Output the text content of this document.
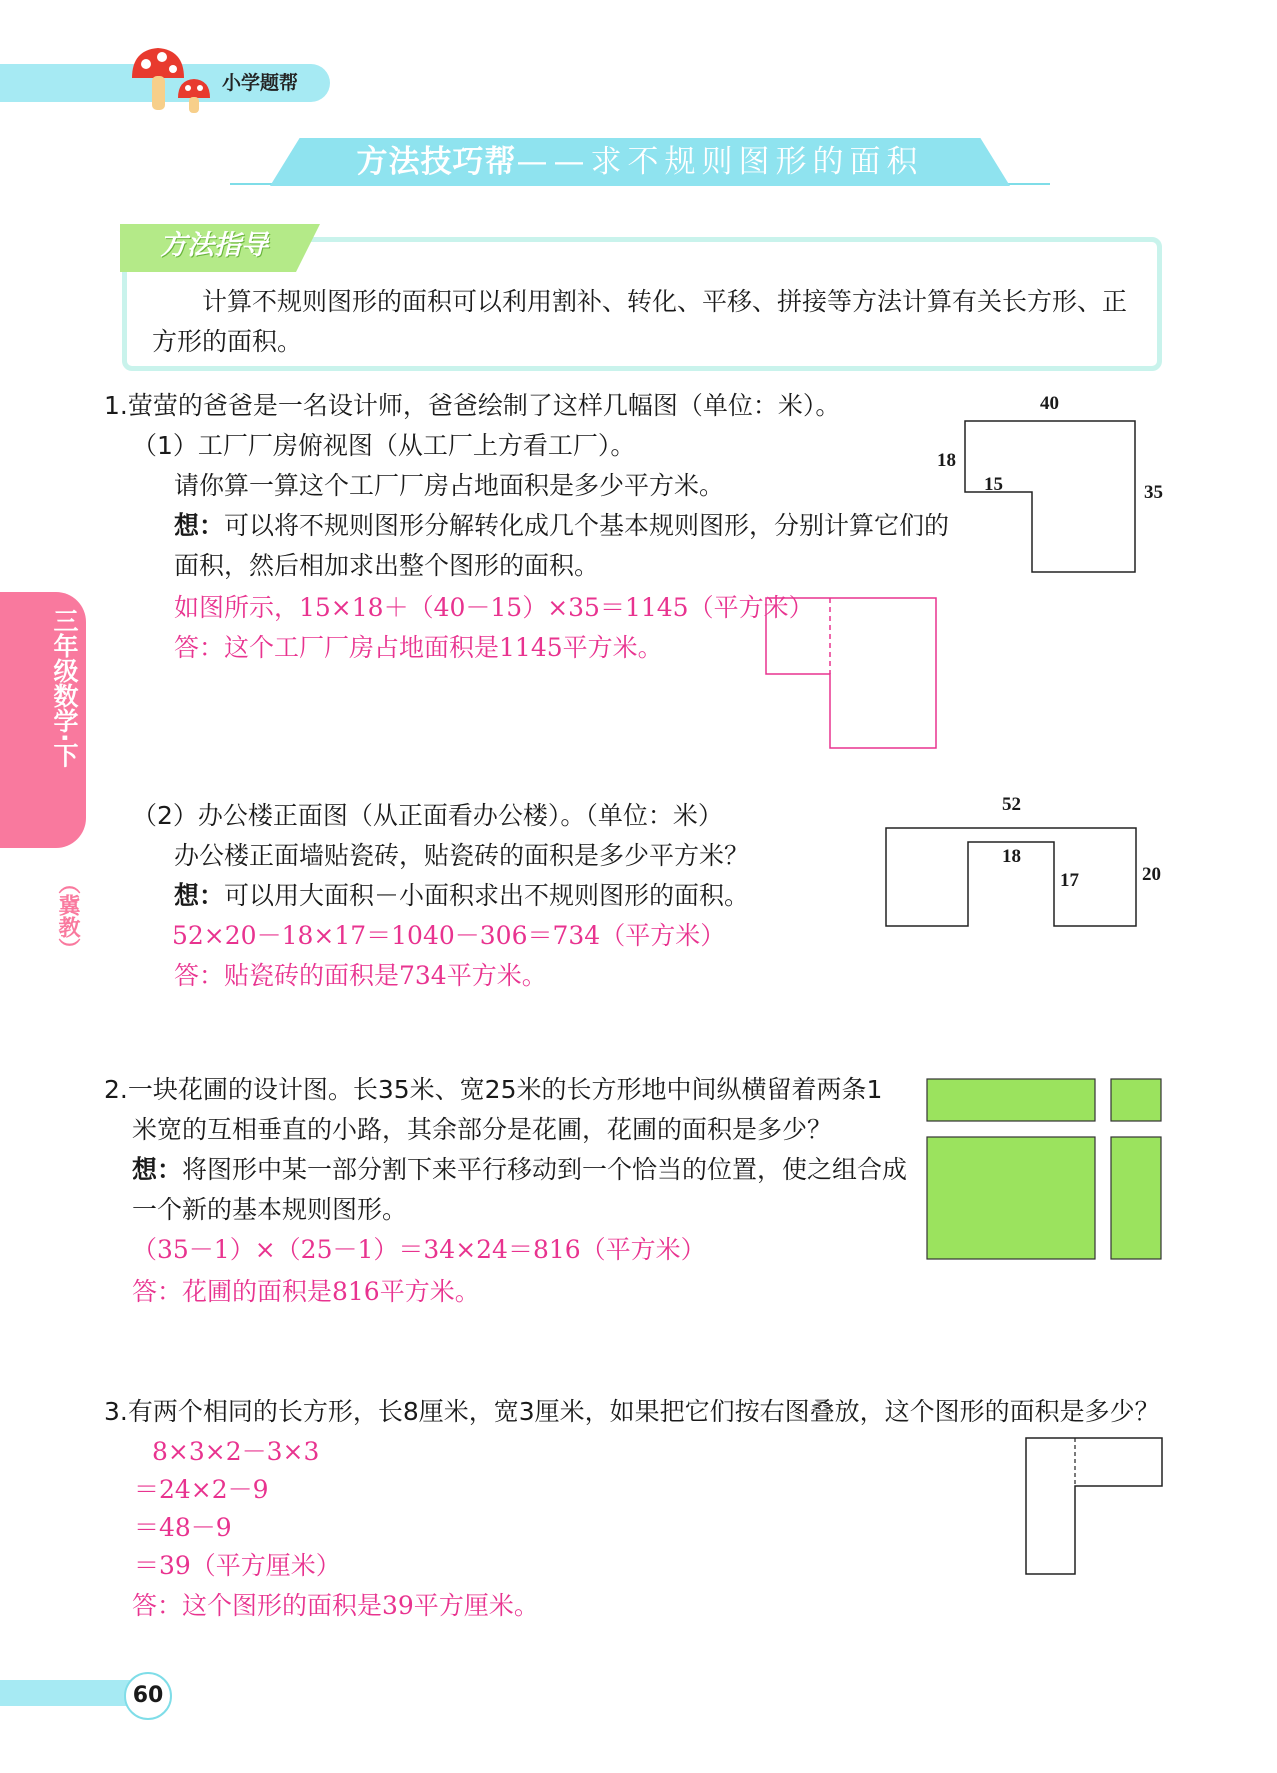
小学题帮
方法技巧帮——求不规则图形的面积
方法指导
计算不规则图形的面积可以利用割补、转化、平移、拼接等方法计算有关长方形、正方形的面积。
三年级数学·下
（冀教）
1.萤萤的爸爸是一名设计师，爸爸绘制了这样几幅图（单位：米）。
（1）工厂厂房俯视图（从工厂上方看工厂）。
请你算一算这个工厂厂房占地面积是多少平方米。
想：可以将不规则图形分解转化成几个基本规则图形，分别计算它们的
面积，然后相加求出整个图形的面积。
如图所示，15×18＋（40－15）×35＝1145（平方米）
答：这个工厂厂房占地面积是1145平方米。
40
18
15	35
（2）办公楼正面图（从正面看办公楼）。（单位：米）
办公楼正面墙贴瓷砖，贴瓷砖的面积是多少平方米？
想：可以用大面积－小面积求出不规则图形的面积。
52×20－18×17＝1040－306＝734（平方米）
答：贴瓷砖的面积是734平方米。
52
18
17	20
2.一块花圃的设计图。长35米、宽25米的长方形地中间纵横留着两条1
米宽的互相垂直的小路，其余部分是花圃，花圃的面积是多少？
想：将图形中某一部分割下来平行移动到一个恰当的位置，使之组合成
一个新的基本规则图形。
（35－1）×（25－1）＝34×24＝816（平方米）
答：花圃的面积是816平方米。
3.有两个相同的长方形，长8厘米，宽3厘米，如果把它们按右图叠放，这个图形的面积是多少？
8×3×2－3×3
＝24×2－9
＝48－9
＝39（平方厘米）
答：这个图形的面积是39平方厘米。
60
